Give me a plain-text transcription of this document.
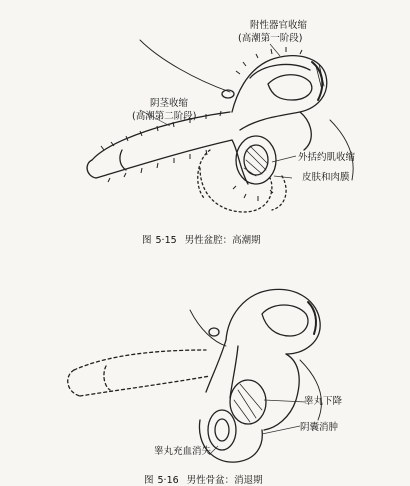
附性器官收缩
(高潮第一阶段)
阴茎收缩
(高潮第二阶段)
外括约肌收缩
皮肤和肉膜
图 5·15 男性盆腔：高潮期
睾丸下降
睾丸充血消失
阴囊消肿
图 5·16 男性骨盆：消退期
